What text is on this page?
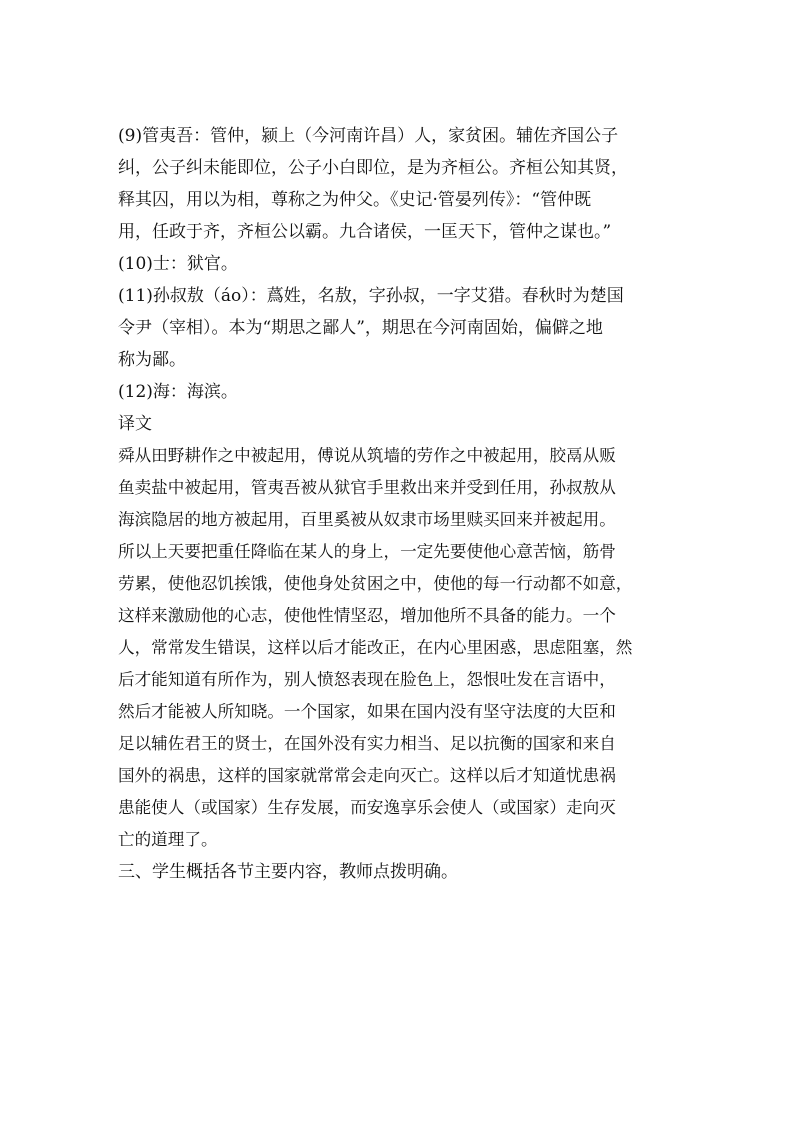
(9)管夷吾：管仲，颍上（今河南许昌）人，家贫困。辅佐齐国公子
纠，公子纠未能即位，公子小白即位，是为齐桓公。齐桓公知其贤，
释其囚，用以为相，尊称之为仲父。《史记·管晏列传》：“管仲既
用，任政于齐，齐桓公以霸。九合诸侯，一匡天下，管仲之谋也。”
(10)士：狱官。
(11)孙叔敖（áo）：蔿姓，名敖，字孙叔，一字艾猎。春秋时为楚国
令尹（宰相）。本为“期思之鄙人”，期思在今河南固始，偏僻之地
称为鄙。
(12)海：海滨。
译文
舜从田野耕作之中被起用，傅说从筑墙的劳作之中被起用，胶鬲从贩
鱼卖盐中被起用，管夷吾被从狱官手里救出来并受到任用，孙叔敖从
海滨隐居的地方被起用，百里奚被从奴隶市场里赎买回来并被起用。
所以上天要把重任降临在某人的身上，一定先要使他心意苦恼，筋骨
劳累，使他忍饥挨饿，使他身处贫困之中，使他的每一行动都不如意，
这样来激励他的心志，使他性情坚忍，增加他所不具备的能力。一个
人，常常发生错误，这样以后才能改正，在内心里困惑，思虑阻塞，然
后才能知道有所作为，别人愤怒表现在脸色上，怨恨吐发在言语中，
然后才能被人所知晓。一个国家，如果在国内没有坚守法度的大臣和
足以辅佐君王的贤士，在国外没有实力相当、足以抗衡的国家和来自
国外的祸患，这样的国家就常常会走向灭亡。这样以后才知道忧患祸
患能使人（或国家）生存发展，而安逸享乐会使人（或国家）走向灭
亡的道理了。
三、学生概括各节主要内容，教师点拨明确。
